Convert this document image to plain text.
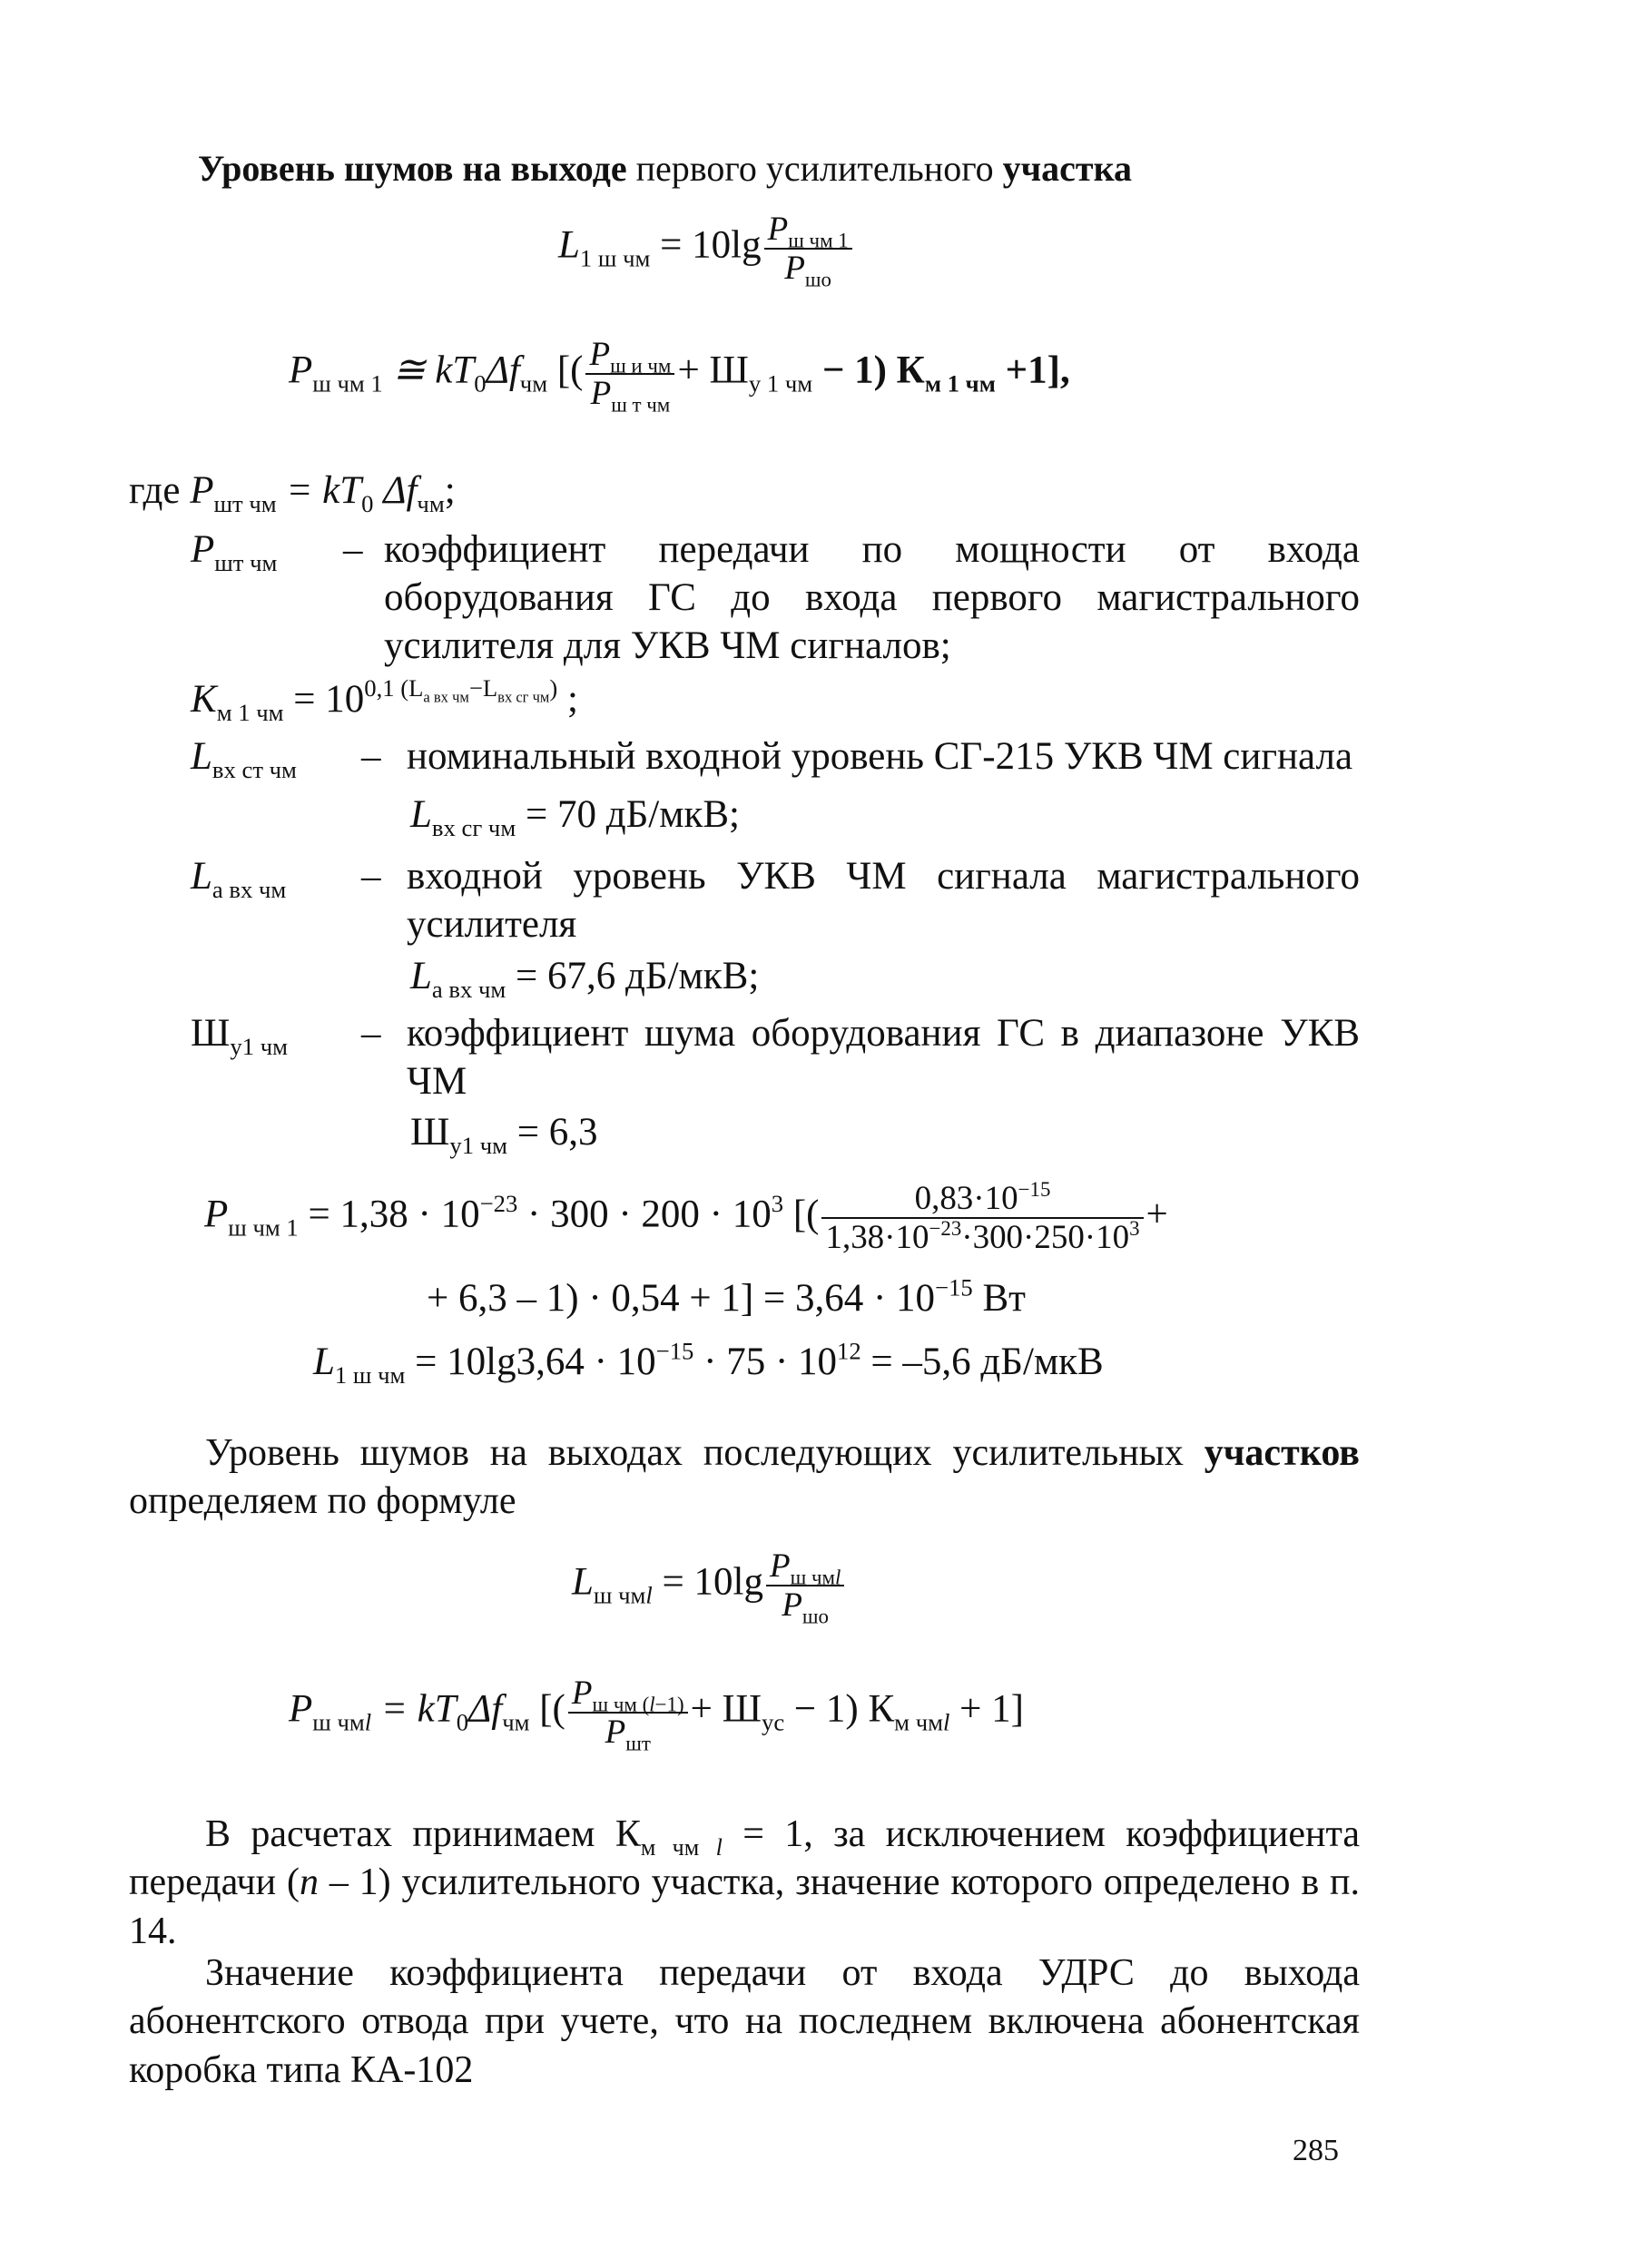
Уровень шумов на выходе первого усилительного участка
$L_{1 ш чм} = 10\lg \frac{P_{ш чм 1}}{P_{шо}}$
$P_{ш чм 1}$ ≅ $kT_0\Delta f_{чм}$ [( $\frac{P_{ш и чм}}{P_{ш т чм}} + Ш_{у 1 чм} - 1$) $К_{м 1 чм} +1$],
где $P_{шт чм} = kT_0$ $\Delta f_{чм}$;
$P_{шт чм}$ – коэффициент передачи по мощности от входа оборудования ГС до входа первого магистрального усилителя для УКВ ЧМ сигналов;
$K_{м 1 чм} = 10^{0,1 (L_{а вх чм}-L_{вх сг чм})}$ ;
$L_{вх ст чм}$ – номинальный входной уровень СГ-215 УКВ ЧМ сигнала
$L_{вх сг чм} = 70$ дБ/мкВ;
$L_{а вх чм}$ – входной уровень УКВ ЧМ сигнала магистрального усилителя
$L_{а вх чм} = 67,6$ дБ/мкВ;
$Ш_{у1 чм}$ – коэффициент шума оборудования ГС в диапазоне УКВ ЧМ
$Ш_{у1 чм} = 6,3$
$P_{ш чм 1} = 1,38 \cdot 10^{-23} \cdot 300 \cdot 200 \cdot 10^3$ [( $\frac{0,83\cdot 10^{-15}}{1,38\cdot 10^{-23}\cdot 300\cdot 250\cdot 10^3}$ +
+ $6,3 - 1) \cdot 0,54 + 1] = 3,64 \cdot 10^{-15}$ Вт
$L_{1 ш чм} = 10\lg 3,64 \cdot 10^{-15} \cdot 75 \cdot 10^{12} = -5,6$ дБ/мкВ
Уровень шумов на выходах последующих усилительных участков определяем по формуле
$L_{ш чмl} = 10\lg \frac{P_{ш чмl}}{P_{шо}}$
$P_{ш чмl} = kT_0\Delta f_{чм}$ [( $\frac{P_{ш чм (l-1)}}{P_{шт}} + Ш_{ус} - 1$) $К_{м чмl} + 1$]
В расчетах принимаем $К_{м чм l} = 1$, за исключением коэффициента передачи (n – 1) усилительного участка, значение которого определено в п. 14.
Значение коэффициента передачи от входа УДРС до выхода абонентского отвода при учете, что на последнем включена абонентская коробка типа КА-102
285
